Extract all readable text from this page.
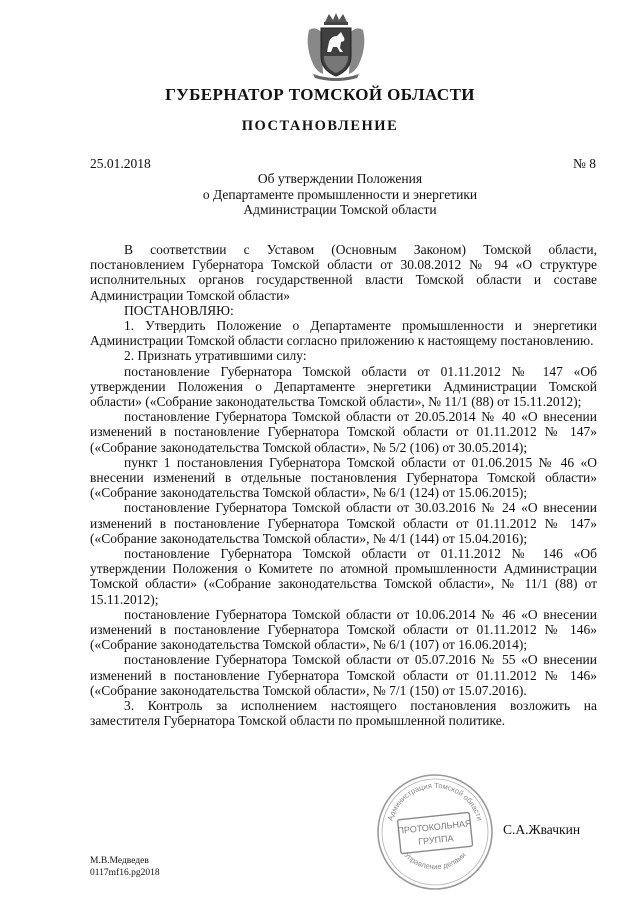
ГУБЕРНАТОР ТОМСКОЙ ОБЛАСТИ
ПОСТАНОВЛЕНИЕ
25.01.2018	№ 8
Об утверждении Положения
о Департаменте промышленности и энергетики
Администрации Томской области

В соответствии с Уставом (Основным Законом) Томской области, постановлением Губернатора Томской области от 30.08.2012 № 94 «О структуре исполнительных органов государственной власти Томской области и составе Администрации Томской области»

ПОСТАНОВЛЯЮ:

1. Утвердить Положение о Департаменте промышленности и энергетики Администрации Томской области согласно приложению к настоящему постановлению.

2. Признать утратившими силу:

постановление Губернатора Томской области от 01.11.2012 № 147 «Об утверждении Положения о Департаменте энергетики Администрации Томской области» («Собрание законодательства Томской области», № 11/1 (88) от 15.11.2012);

постановление Губернатора Томской области от 20.05.2014 № 40 «О внесении изменений в постановление Губернатора Томской области от 01.11.2012 № 147» («Собрание законодательства Томской области», № 5/2 (106) от 30.05.2014);

пункт 1 постановления Губернатора Томской области от 01.06.2015 № 46 «О внесении изменений в отдельные постановления Губернатора Томской области» («Собрание законодательства Томской области», № 6/1 (124) от 15.06.2015);

постановление Губернатора Томской области от 30.03.2016 № 24 «О внесении изменений в постановление Губернатора Томской области от 01.11.2012 № 147» («Собрание законодательства Томской области», № 4/1 (144) от 15.04.2016);

постановление Губернатора Томской области от 01.11.2012 № 146 «Об утверждении Положения о Комитете по атомной промышленности Администрации Томской области» («Собрание законодательства Томской области», № 11/1 (88) от 15.11.2012);

постановление Губернатора Томской области от 10.06.2014 № 46 «О внесении изменений в постановление Губернатора Томской области от 01.11.2012 № 146» («Собрание законодательства Томской области», № 6/1 (107) от 16.06.2014);

постановление Губернатора Томской области от 05.07.2016 № 55 «О внесении изменений в постановление Губернатора Томской области от 01.11.2012 № 146» («Собрание законодательства Томской области», № 7/1 (150) от 15.07.2016).

3. Контроль за исполнением настоящего постановления возложить на заместителя Губернатора Томской области по промышленной политике.

Администрация Томской области
Управление делами
ПРОТОКОЛЬНАЯ
ГРУППА
С.А.Жвачкин
М.В.Медведев
0117mf16.pg2018
